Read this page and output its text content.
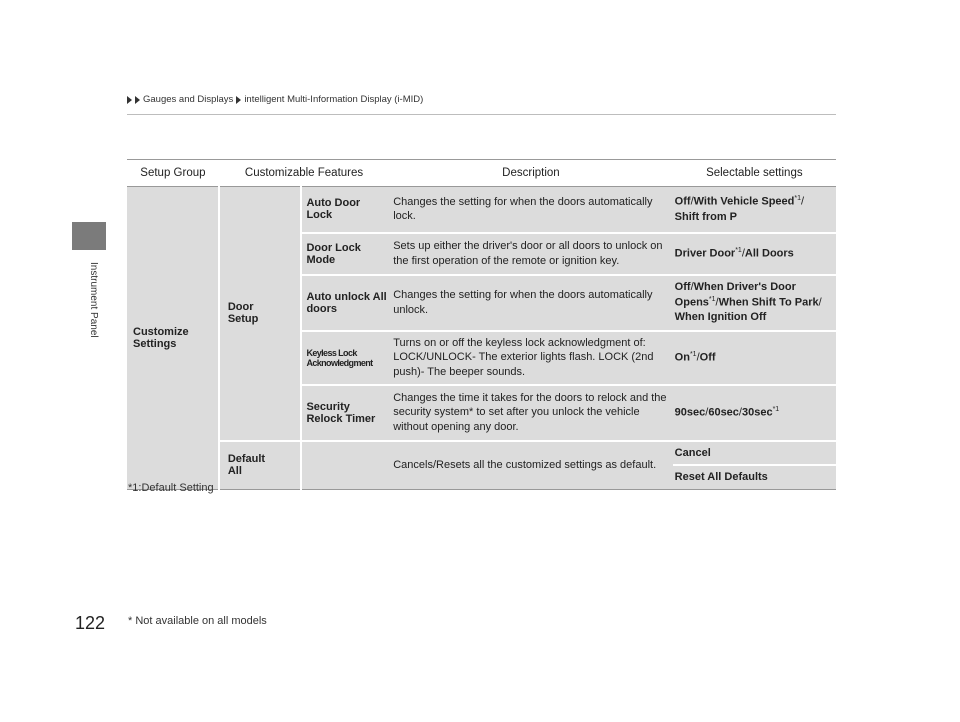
Instrument Panel
Gauges and Displays intelligent Multi-Information Display (i-MID)
Setup Group	Customizable Features		Description	Selectable settings
Customize Settings	Door Setup	Auto Door Lock	Changes the setting for when the doors automatically lock.	Off/With Vehicle Speed$^{*1}$/
Shift from P
		Door Lock Mode	Sets up either the driver's door or all doors to unlock on the first operation of the remote or ignition key.	Driver Door$^{*1}$/All Doors
		Auto unlock All doors	Changes the setting for when the doors automatically unlock.	Off/When Driver's Door Opens$^{*1}$/When Shift To Park/
When Ignition Off
		Keyless Lock Acknowledgment	Turns on or off the keyless lock acknowledgment of: LOCK/UNLOCK- The exterior lights flash. LOCK (2nd push)- The beeper sounds.	On$^{*1}$/Off
		Security Relock Timer	Changes the time it takes for the doors to relock and the security system* to set after you unlock the vehicle without opening any door.	$90\sec/60\sec/30\sec^{*1}$
	Default All		Cancels/Resets all the customized settings as default.	Cancel
				Reset All Defaults
*1:Default Setting
122 * Not available on all models
